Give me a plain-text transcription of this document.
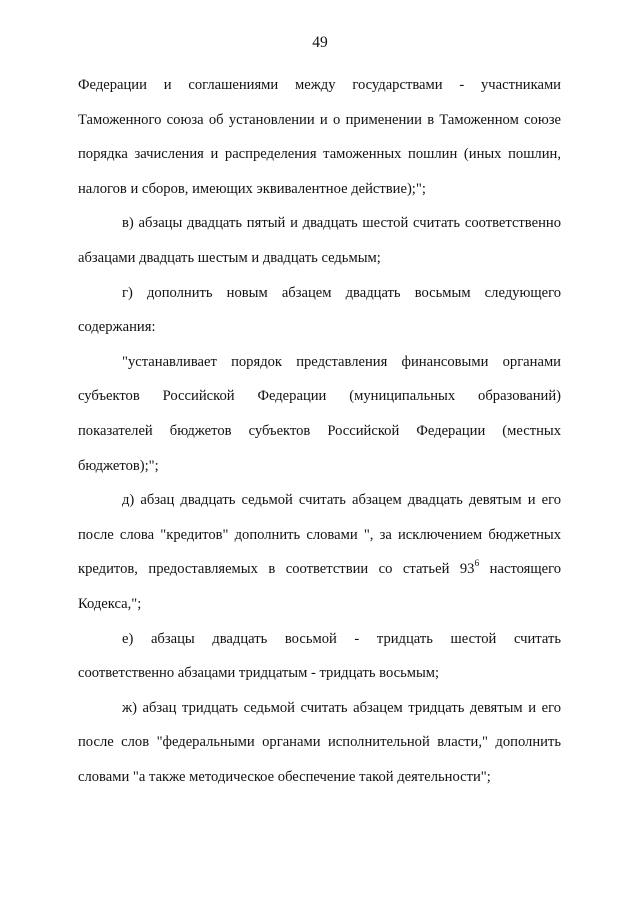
49

Федерации и соглашениями между государствами - участниками Таможенного союза об установлении и о применении в Таможенном союзе порядка зачисления и распределения таможенных пошлин (иных пошлин, налогов и сборов, имеющих эквивалентное действие);";

в) абзацы двадцать пятый и двадцать шестой считать соответственно абзацами двадцать шестым и двадцать седьмым;

г) дополнить новым абзацем двадцать восьмым следующего содержания:

"устанавливает порядок представления финансовыми органами субъектов Российской Федерации (муниципальных образований) показателей бюджетов субъектов Российской Федерации (местных бюджетов);";

д) абзац двадцать седьмой считать абзацем двадцать девятым и его после слова "кредитов" дополнить словами ", за исключением бюджетных кредитов, предоставляемых в соответствии со статьей $93^6$ настоящего Кодекса,";

е) абзацы двадцать восьмой - тридцать шестой считать соответственно абзацами тридцатым - тридцать восьмым;

ж) абзац тридцать седьмой считать абзацем тридцать девятым и его после слов "федеральными органами исполнительной власти," дополнить словами "а также методическое обеспечение такой деятельности";
